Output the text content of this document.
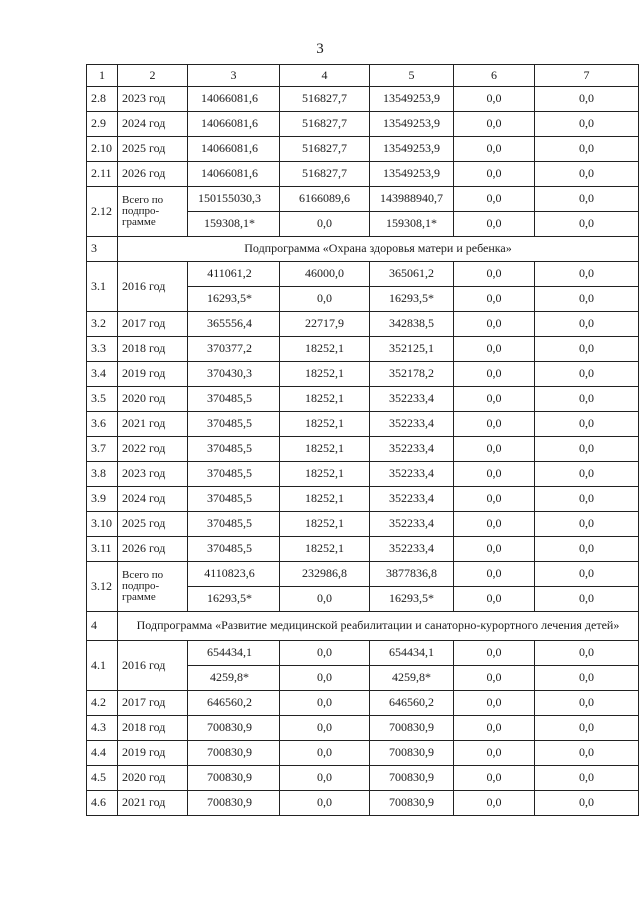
3
1	2	3	4	5	6	7
2.8	2023 год	14066081,6	516827,7	13549253,9	0,0	0,0
2.9	2024 год	14066081,6	516827,7	13549253,9	0,0	0,0
2.10	2025 год	14066081,6	516827,7	13549253,9	0,0	0,0
2.11	2026 год	14066081,6	516827,7	13549253,9	0,0	0,0
2.12	Всего по подпро-грамме	150155030,3	6166089,6	143988940,7	0,0	0,0
		159308,1*	0,0	159308,1*	0,0	0,0
3	Подпрограмма «Охрана здоровья матери и ребенка»					
3.1	2016 год	411061,2	46000,0	365061,2	0,0	0,0
		16293,5*	0,0	16293,5*	0,0	0,0
3.2	2017 год	365556,4	22717,9	342838,5	0,0	0,0
3.3	2018 год	370377,2	18252,1	352125,1	0,0	0,0
3.4	2019 год	370430,3	18252,1	352178,2	0,0	0,0
3.5	2020 год	370485,5	18252,1	352233,4	0,0	0,0
3.6	2021 год	370485,5	18252,1	352233,4	0,0	0,0
3.7	2022 год	370485,5	18252,1	352233,4	0,0	0,0
3.8	2023 год	370485,5	18252,1	352233,4	0,0	0,0
3.9	2024 год	370485,5	18252,1	352233,4	0,0	0,0
3.10	2025 год	370485,5	18252,1	352233,4	0,0	0,0
3.11	2026 год	370485,5	18252,1	352233,4	0,0	0,0
3.12	Всего по подпро-грамме	4110823,6	232986,8	3877836,8	0,0	0,0
		16293,5*	0,0	16293,5*	0,0	0,0
4	Подпрограмма «Развитие медицинской реабилитации и санаторно-курортного лечения детей»					
4.1	2016 год	654434,1	0,0	654434,1	0,0	0,0
		4259,8*	0,0	4259,8*	0,0	0,0
4.2	2017 год	646560,2	0,0	646560,2	0,0	0,0
4.3	2018 год	700830,9	0,0	700830,9	0,0	0,0
4.4	2019 год	700830,9	0,0	700830,9	0,0	0,0
4.5	2020 год	700830,9	0,0	700830,9	0,0	0,0
4.6	2021 год	700830,9	0,0	700830,9	0,0	0,0
